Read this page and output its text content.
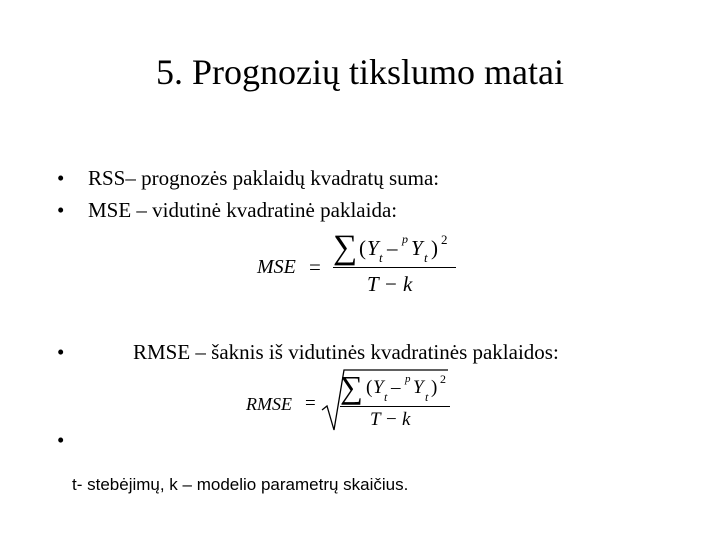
5. Prognozių tikslumo matai
• RSS– prognozės paklaidų kvadratų suma:
• MSE – vidutinė kvadratinė paklaida:
MSE =
∑ ( Y t – p Y t ) 2
T − k
•	RMSE – šaknis iš vidutinės kvadratinės paklaidos:
RMSE = ∑ ( Y t – p Y t ) 2
T − k
•
t- stebėjimų, k – modelio parametrų skaičius.
